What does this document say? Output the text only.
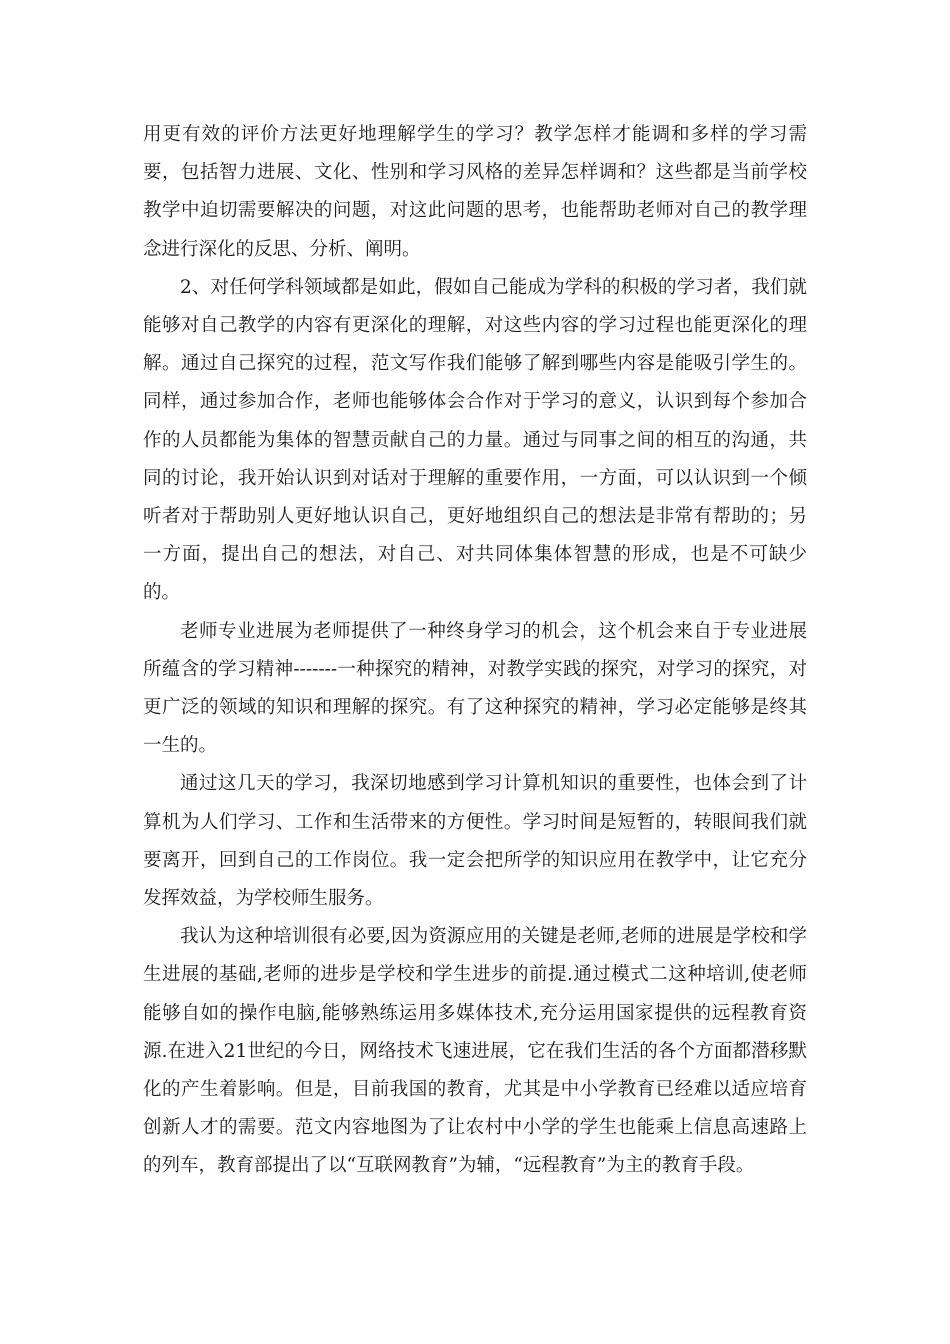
用更有效的评价方法更好地理解学生的学习？教学怎样才能调和多样的学习需要，包括智力进展、文化、性别和学习风格的差异怎样调和？这些都是当前学校教学中迫切需要解决的问题，对这此问题的思考，也能帮助老师对自己的教学理念进行深化的反思、分析、阐明。

2、对任何学科领域都是如此，假如自己能成为学科的积极的学习者，我们就能够对自己教学的内容有更深化的理解，对这些内容的学习过程也能更深化的理解。通过自己探究的过程，范文写作我们能够了解到哪些内容是能吸引学生的。同样，通过参加合作，老师也能够体会合作对于学习的意义，认识到每个参加合作的人员都能为集体的智慧贡献自己的力量。通过与同事之间的相互的沟通，共同的讨论，我开始认识到对话对于理解的重要作用，一方面，可以认识到一个倾听者对于帮助别人更好地认识自己，更好地组织自己的想法是非常有帮助的；另一方面，提出自己的想法，对自己、对共同体集体智慧的形成，也是不可缺少的。

老师专业进展为老师提供了一种终身学习的机会，这个机会来自于专业进展所蕴含的学习精神-------一种探究的精神，对教学实践的探究，对学习的探究，对更广泛的领域的知识和理解的探究。有了这种探究的精神，学习必定能够是终其一生的。

通过这几天的学习，我深切地感到学习计算机知识的重要性，也体会到了计算机为人们学习、工作和生活带来的方便性。学习时间是短暂的，转眼间我们就要离开，回到自己的工作岗位。我一定会把所学的知识应用在教学中，让它充分发挥效益，为学校师生服务。

我认为这种培训很有必要,因为资源应用的关键是老师,老师的进展是学校和学生进展的基础,老师的进步是学校和学生进步的前提.通过模式二这种培训,使老师能够自如的操作电脑,能够熟练运用多媒体技术,充分运用国家提供的远程教育资源.在进入21世纪的今日，网络技术飞速进展，它在我们生活的各个方面都潜移默化的产生着影响。但是，目前我国的教育，尤其是中小学教育已经难以适应培育创新人才的需要。范文内容地图为了让农村中小学的学生也能乘上信息高速路上的列车，教育部提出了以“互联网教育”为辅，“远程教育”为主的教育手段。
